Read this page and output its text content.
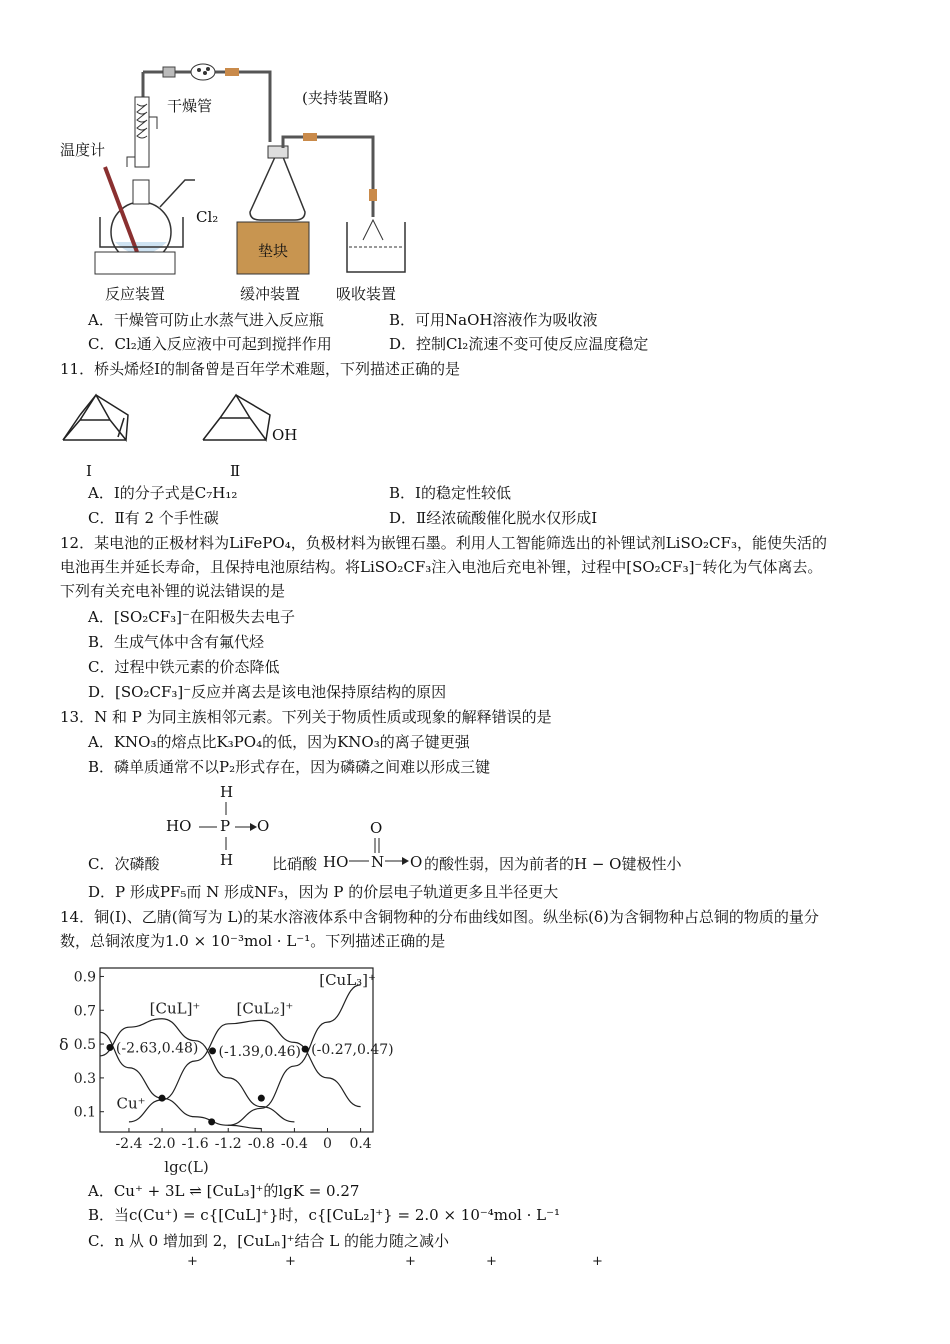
(夹持装置略)
干燥管
温度计
Cl₂
垫块
反应装置	缓冲装置 吸收装置
A．干燥管可防止水蒸气进入反应瓶	B．可用NaOH溶液作为吸收液
C．Cl₂通入反应液中可起到搅拌作用	D．控制Cl₂流速不变可使反应温度稳定
11．桥头烯烃Ⅰ的制备曾是百年学术难题，下列描述正确的是
OH
Ⅰ	Ⅱ
A．Ⅰ的分子式是C₇H₁₂	B．Ⅰ的稳定性较低
C．Ⅱ有 2 个手性碳	D．Ⅱ经浓硫酸催化脱水仅形成Ⅰ
12．某电池的正极材料为LiFePO₄，负极材料为嵌锂石墨。利用人工智能筛选出的补锂试剂LiSO₂CF₃，能使失活的
电池再生并延长寿命，且保持电池原结构。将LiSO₂CF₃注入电池后充电补锂，过程中[SO₂CF₃]⁻转化为气体离去。
下列有关充电补锂的说法错误的是
A．[SO₂CF₃]⁻在阳极失去电子
B．生成气体中含有氟代烃
C．过程中铁元素的价态降低
D．[SO₂CF₃]⁻反应并离去是该电池保持原结构的原因
13．N 和 P 为同主族相邻元素。下列关于物质性质或现象的解释错误的是
A．KNO₃的熔点比K₃PO₄的低，因为KNO₃的离子键更强
B．磷单质通常不以P₂形式存在，因为磷磷之间难以形成三键
H
HO P O
H
O
HO N O
C．次磷酸	比硝酸	的酸性弱，因为前者的H − O键极性小
D．P 形成PF₅而 N 形成NF₃，因为 P 的价层电子轨道更多且半径更大
14．铜(Ⅰ)、乙腈(简写为 L)的某水溶液体系中含铜物种的分布曲线如图。纵坐标(δ)为含铜物种占总铜的物质的量分
数，总铜浓度为1.0 × 10⁻³mol · L⁻¹。下列描述正确的是
-2.4 -2.0 -1.6 -1.2 -0.8 -0.4 0 0.4
0.9
0.7
0.5
0.3
0.1
lgc(L)
δ
Cu⁺
[CuL]⁺ [CuL₂]⁺
[CuL₃]⁺
(-2.63,0.48) (-1.39,0.46) (-0.27,0.47)
A．Cu⁺ + 3L ⇌ [CuL₃]⁺的lgK = 0.27
B．当c(Cu⁺) = c{[CuL]⁺}时，c{[CuL₂]⁺} = 2.0 × 10⁻⁴mol · L⁻¹
C．n 从 0 增加到 2，[CuLₙ]⁺结合 L 的能力随之减小
+	+	+	+	+
